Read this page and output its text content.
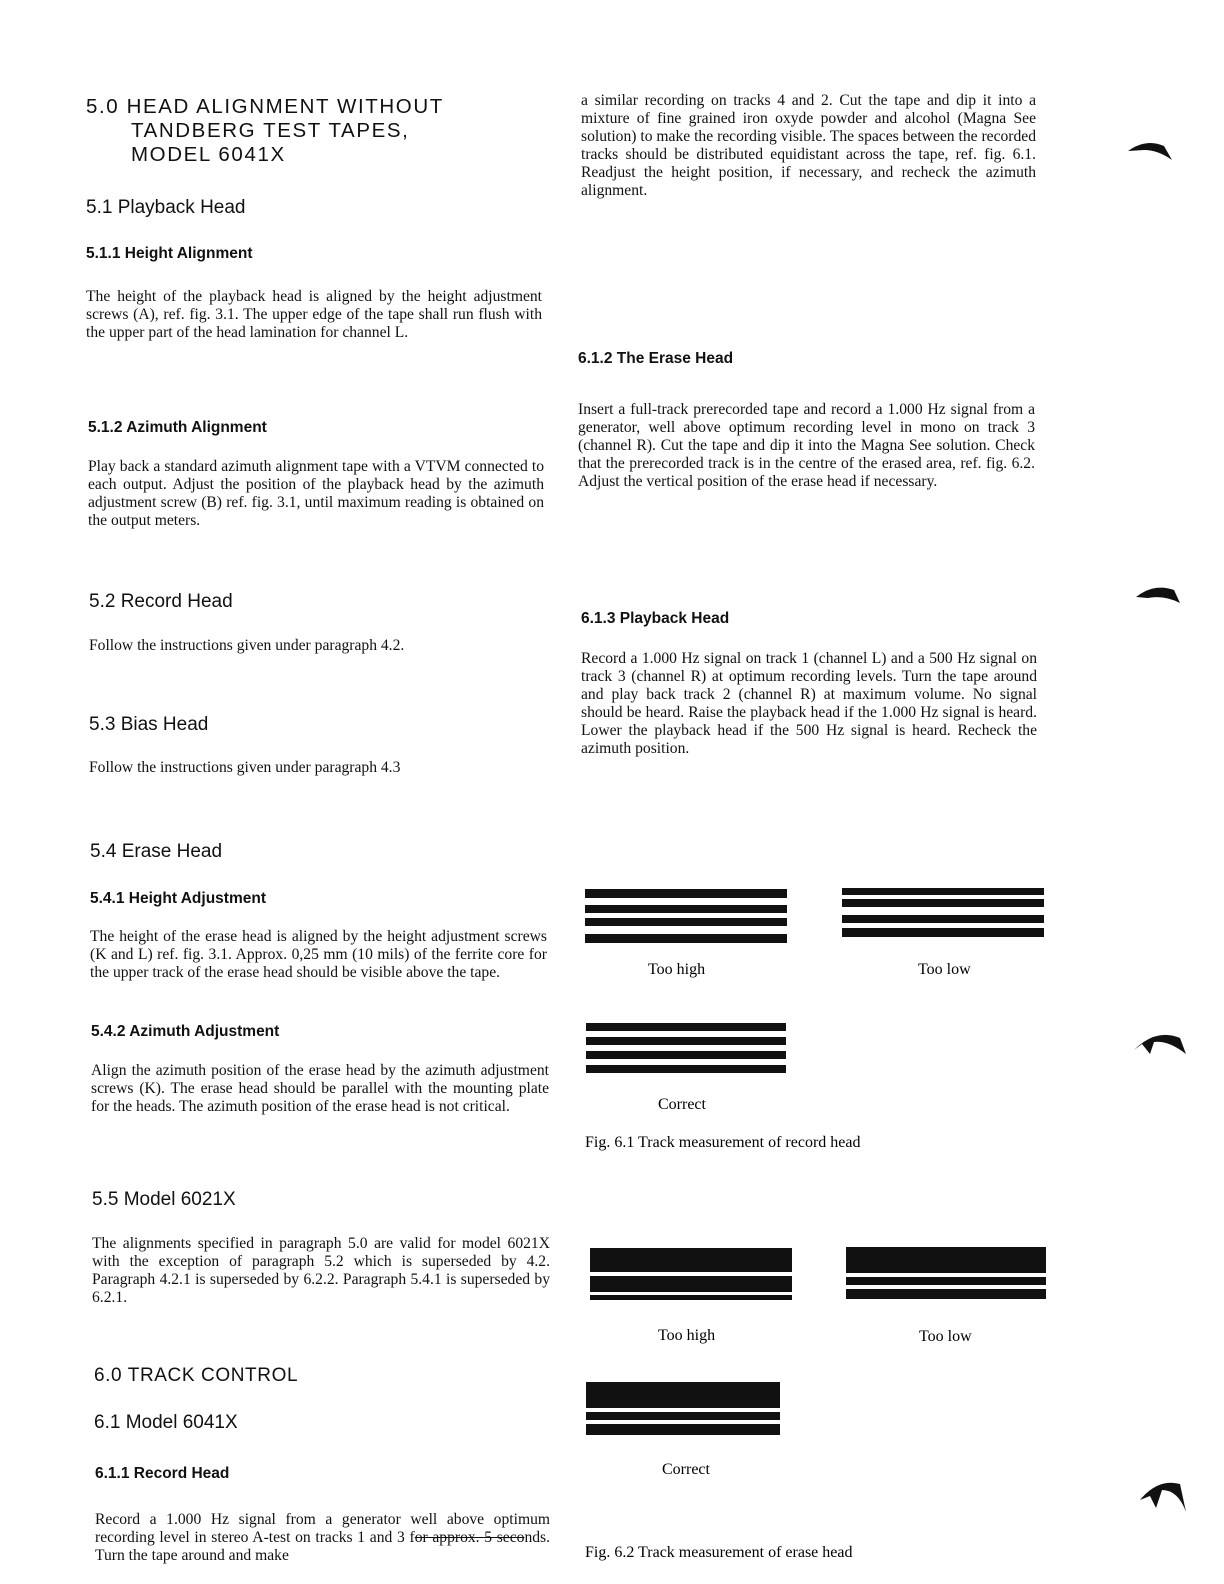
5.0 HEAD ALIGNMENT WITHOUT
TANDBERG TEST TAPES,
MODEL 6041X
5.1 Playback Head
5.1.1 Height Alignment

The height of the playback head is aligned by the height adjustment screws (A), ref. fig. 3.1. The upper edge of the tape shall run flush with the upper part of the head lamination for channel L.

5.1.2 Azimuth Alignment

Play back a standard azimuth alignment tape with a VTVM connected to each output. Adjust the position of the playback head by the azimuth adjustment screw (B) ref. fig. 3.1, until maximum reading is obtained on the output meters.

5.2 Record Head

Follow the instructions given under paragraph 4.2.

5.3 Bias Head

Follow the instructions given under paragraph 4.3

5.4 Erase Head
5.4.1 Height Adjustment

The height of the erase head is aligned by the height adjustment screws (K and L) ref. fig. 3.1. Approx. 0,25 mm (10 mils) of the ferrite core for the upper track of the erase head should be visible above the tape.

5.4.2 Azimuth Adjustment

Align the azimuth position of the erase head by the azimuth adjustment screws (K). The erase head should be parallel with the mounting plate for the heads. The azimuth position of the erase head is not critical.

5.5 Model 6021X

The alignments specified in paragraph 5.0 are valid for model 6021X with the exception of paragraph 5.2 which is superseded by 4.2. Paragraph 4.2.1 is superseded by 6.2.2. Paragraph 5.4.1 is superseded by 6.2.1.

6.0 TRACK CONTROL
6.1 Model 6041X
6.1.1 Record Head

Record a 1.000 Hz signal from a generator well above optimum recording level in stereo A-test on tracks 1 and 3 for approx. 5 seconds. Turn the tape around and make

a similar recording on tracks 4 and 2. Cut the tape and dip it into a mixture of fine grained iron oxyde powder and alcohol (Magna See solution) to make the recording visible. The spaces between the recorded tracks should be distributed equidistant across the tape, ref. fig. 6.1. Readjust the height position, if necessary, and recheck the azimuth alignment.

6.1.2 The Erase Head

Insert a full-track prerecorded tape and record a 1.000 Hz signal from a generator, well above optimum recording level in mono on track 3 (channel R). Cut the tape and dip it into the Magna See solution. Check that the prerecorded track is in the centre of the erased area, ref. fig. 6.2. Adjust the vertical position of the erase head if necessary.

6.1.3 Playback Head

Record a 1.000 Hz signal on track 1 (channel L) and a 500 Hz signal on track 3 (channel R) at optimum recording levels. Turn the tape around and play back track 2 (channel R) at maximum volume. No signal should be heard. Raise the playback head if the 1.000 Hz signal is heard. Lower the playback head if the 500 Hz signal is heard. Recheck the azimuth position.

Too high	Too low
Correct
Fig. 6.1 Track measurement of record head
Too high	Too low
Correct
Fig. 6.2 Track measurement of erase head
